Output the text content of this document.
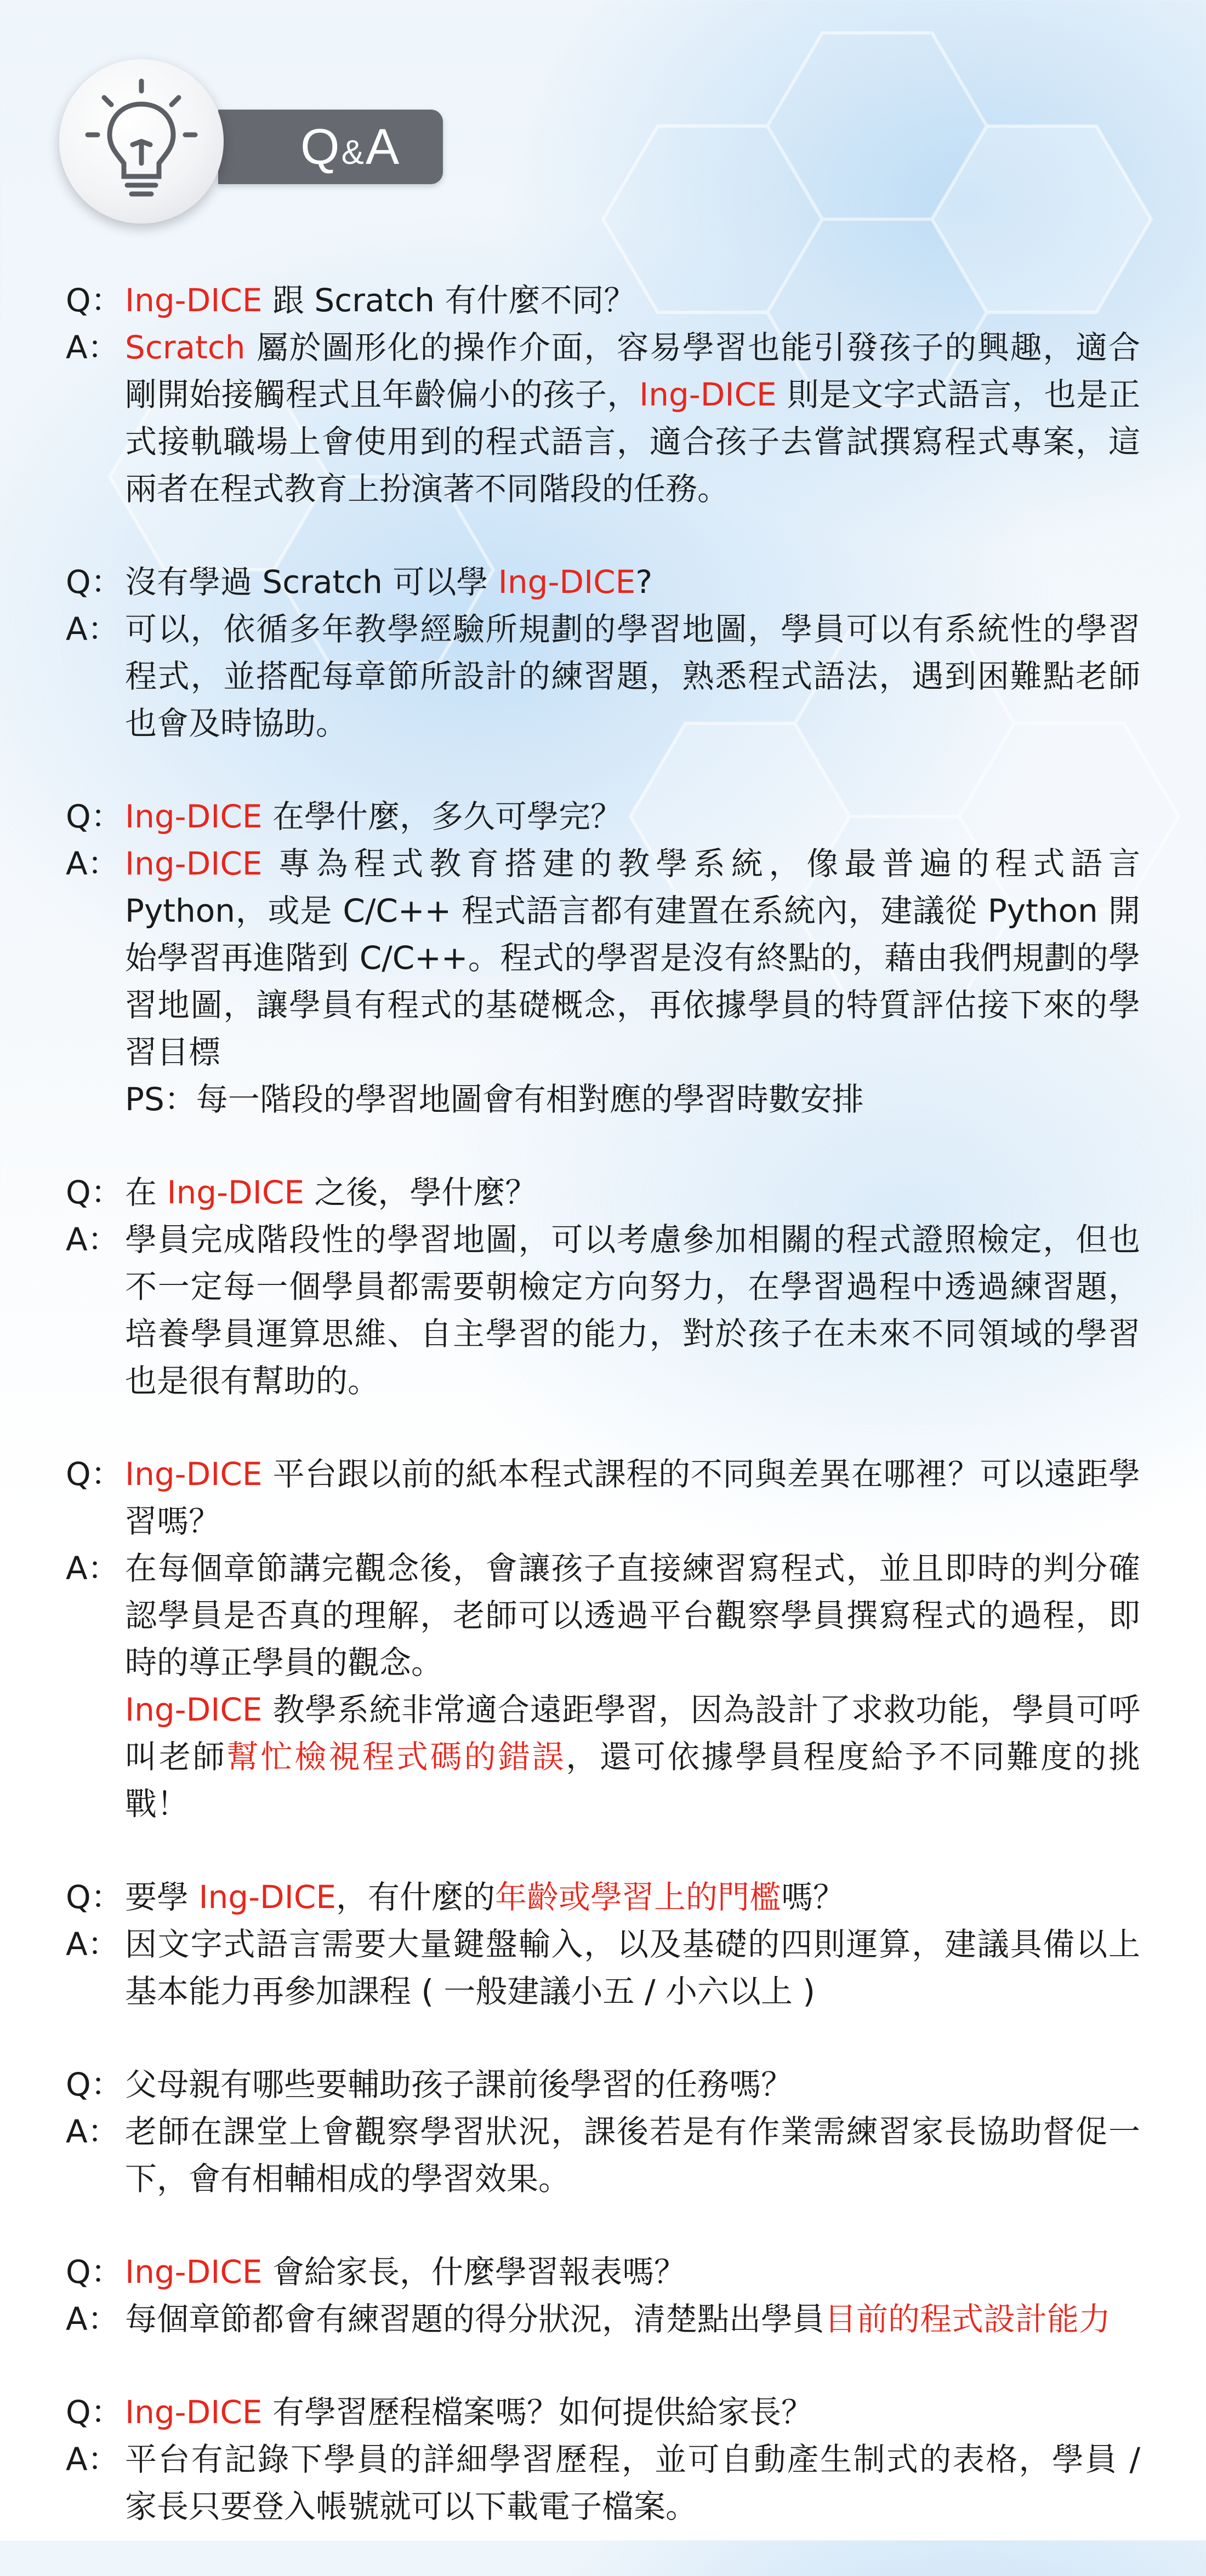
Q&A
Q： Ing-DICE 跟 Scratch 有什麼不同？
A： Scratch 屬於圖形化的操作介面，容易學習也能引發孩子的興趣，適合剛開始接觸程式且年齡偏小的孩子，Ing-DICE 則是文字式語言，也是正式接軌職場上會使用到的程式語言，適合孩子去嘗試撰寫程式專案，這兩者在程式教育上扮演著不同階段的任務。
Q： 沒有學過 Scratch 可以學 Ing-DICE?
A： 可以，依循多年教學經驗所規劃的學習地圖，學員可以有系統性的學習程式，並搭配每章節所設計的練習題，熟悉程式語法，遇到困難點老師也會及時協助。
Q： Ing-DICE 在學什麼，多久可學完？
A： Ing-DICE 專為程式教育搭建的教學系統，像最普遍的程式語言 Python，或是 C/C++ 程式語言都有建置在系統內，建議從 Python 開始學習再進階到 C/C++。程式的學習是沒有終點的，藉由我們規劃的學習地圖，讓學員有程式的基礎概念，再依據學員的特質評估接下來的學習目標
PS：每一階段的學習地圖會有相對應的學習時數安排
Q： 在 Ing-DICE 之後，學什麼？
A： 學員完成階段性的學習地圖，可以考慮參加相關的程式證照檢定，但也不一定每一個學員都需要朝檢定方向努力，在學習過程中透過練習題，培養學員運算思維、自主學習的能力，對於孩子在未來不同領域的學習也是很有幫助的。
Q： Ing-DICE 平台跟以前的紙本程式課程的不同與差異在哪裡？可以遠距學習嗎？
A： 在每個章節講完觀念後，會讓孩子直接練習寫程式，並且即時的判分確認學員是否真的理解，老師可以透過平台觀察學員撰寫程式的過程，即時的導正學員的觀念。
Ing-DICE 教學系統非常適合遠距學習，因為設計了求救功能，學員可呼叫老師幫忙檢視程式碼的錯誤，還可依據學員程度給予不同難度的挑戰！
Q： 要學 Ing-DICE，有什麼的年齡或學習上的門檻嗎？
A： 因文字式語言需要大量鍵盤輸入，以及基礎的四則運算，建議具備以上基本能力再參加課程 ( 一般建議小五 / 小六以上 )
Q： 父母親有哪些要輔助孩子課前後學習的任務嗎？
A： 老師在課堂上會觀察學習狀況，課後若是有作業需練習家長協助督促一下，會有相輔相成的學習效果。
Q： Ing-DICE 會給家長，什麼學習報表嗎？
A： 每個章節都會有練習題的得分狀況，清楚點出學員目前的程式設計能力
Q： Ing-DICE 有學習歷程檔案嗎？如何提供給家長？
A： 平台有記錄下學員的詳細學習歷程，並可自動產生制式的表格，學員 / 家長只要登入帳號就可以下載電子檔案。
